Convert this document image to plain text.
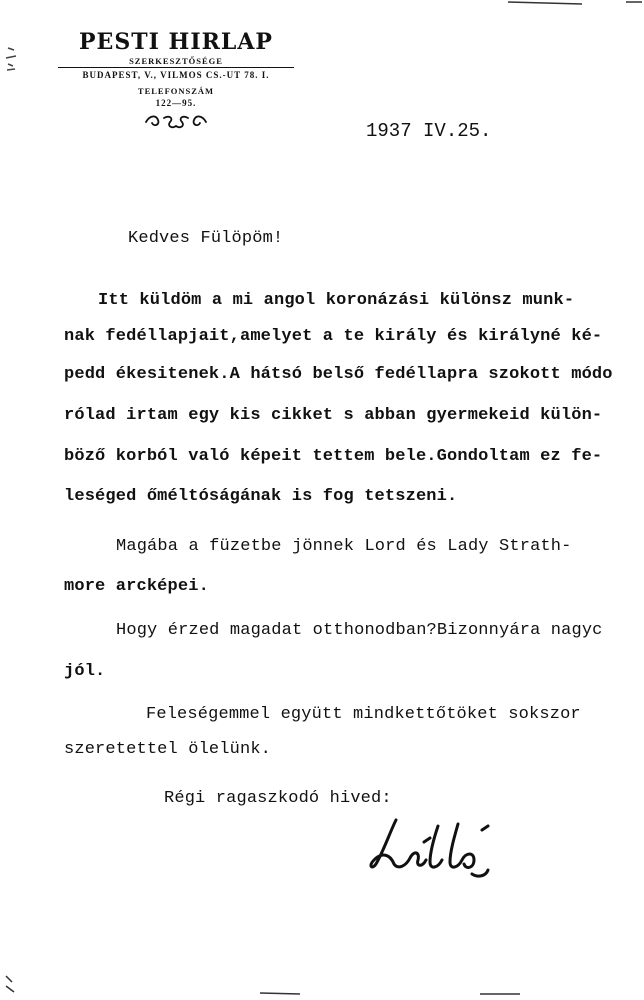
PESTI HIRLAP
SZERKESZTŐSÉGE
BUDAPEST, V., VILMOS CS.-UT 78. I.
TELEFONSZÁM
122—95.
1937 IV.25.
Kedves Fülöpöm!
Itt küldöm a mi angol koronázási különsz munk-
nak fedéllapjait,amelyet a te király és királyné ké-
pedd ékesitenek.A hátsó belső fedéllapra szokott módo
rólad irtam egy kis cikket s abban gyermekeid külön-
böző korból való képeit tettem bele.Gondoltam ez fe-
leséged őméltóságának is fog tetszeni.
Magába a füzetbe jönnek Lord és Lady Strath-
more arcképei.
Hogy érzed magadat otthonodban?Bizonnyára nagyc
jól.
Feleségemmel együtt mindkettőtöket sokszor
szeretettel ölelünk.
Régi ragaszkodó hived:
